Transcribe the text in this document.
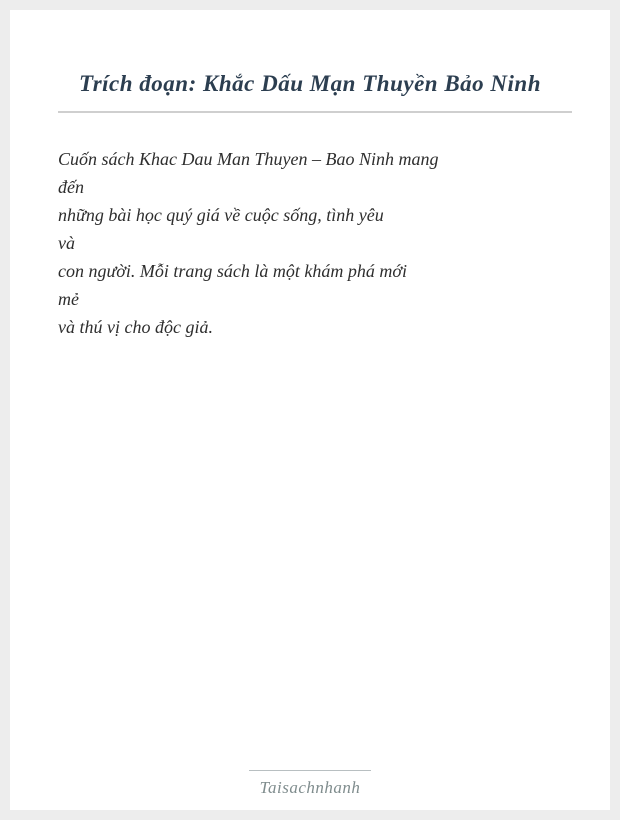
Trích đoạn: Khắc Dấu Mạn Thuyền Bảo Ninh
Cuốn sách Khac Dau Man Thuyen – Bao Ninh mang
đến
những bài học quý giá về cuộc sống, tình yêu
và
con người. Mỗi trang sách là một khám phá mới
mẻ
và thú vị cho độc giả.
Taisachnhanh
